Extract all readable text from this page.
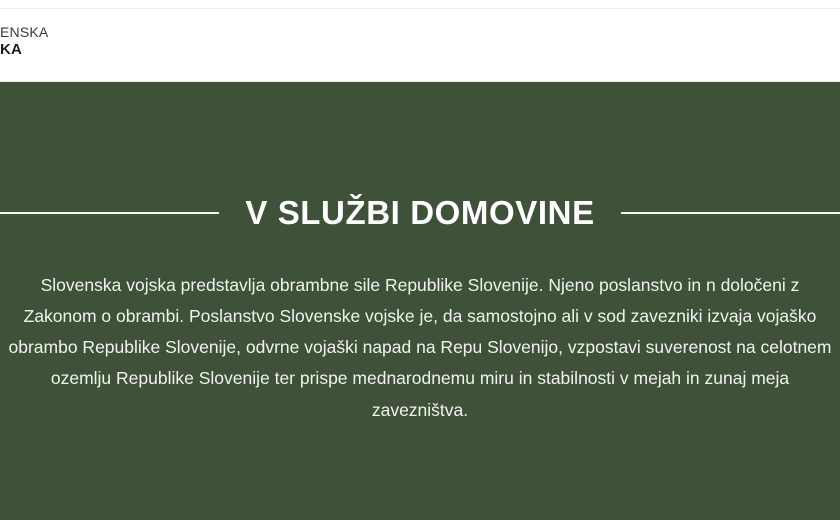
ENSKA
KA
V SLUŽBI DOMOVINE
Slovenska vojska predstavlja obrambne sile Republike Slovenije. Njeno poslanstvo in n določeni z Zakonom o obrambi. Poslanstvo Slovenske vojske je, da samostojno ali v sod zavezniki izvaja vojaško obrambo Republike Slovenije, odvrne vojaški napad na Repu Slovenijo, vzpostavi suverenost na celotnem ozemlju Republike Slovenije ter prispe mednarodnemu miru in stabilnosti v mejah in zunaj meja zavezništva.
